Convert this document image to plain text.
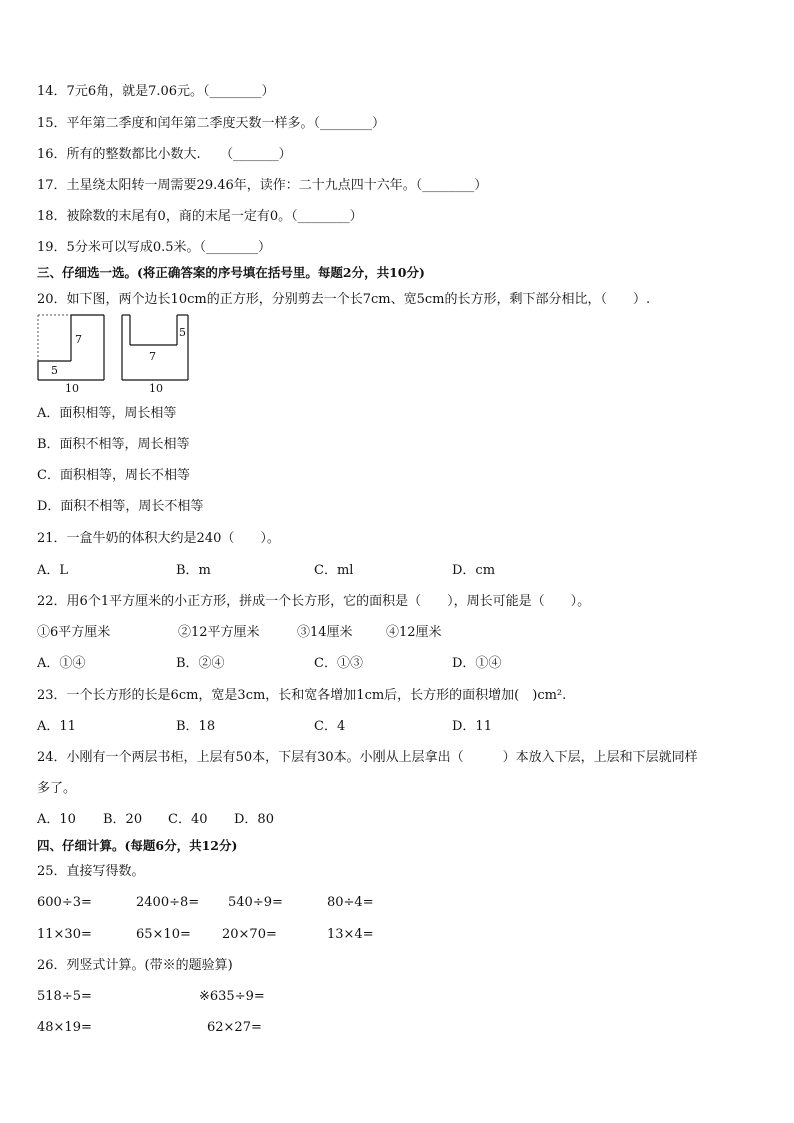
14．7元6角，就是7.06元。（________）
15．平年第二季度和闰年第二季度天数一样多。（________）
16．所有的整数都比小数大.　　（_______）
17．土星绕太阳转一周需要29.46年，读作：二十九点四十六年。（________）
18．被除数的末尾有0，商的末尾一定有0。（________）
19．5分米可以写成0.5米。（________）
三、仔细选一选。(将正确答案的序号填在括号里。每题2分，共10分)
20．如下图，两个边长10cm的正方形，分别剪去一个长7cm、宽5cm的长方形，剩下部分相比，（　　）.
7
5
10
5
7
10
A．面积相等，周长相等
B．面积不相等，周长相等
C．面积相等，周长不相等
D．面积不相等，周长不相等
21．一盒牛奶的体积大约是240（　　）。
A．L	B．m	C．ml	D．cm
22．用6个1平方厘米的小正方形，拼成一个长方形，它的面积是（　　），周长可能是（　　）。
①6平方厘米	②12平方厘米	③14厘米	④12厘米
A．①④	B．②④	C．①③	D．①④
23．一个长方形的长是6cm，宽是3cm，长和宽各增加1cm后，长方形的面积增加(　)cm².
A．11	B．18	C．4	D．11
24．小刚有一个两层书柜，上层有50本，下层有30本。小刚从上层拿出（　　　）本放入下层，上层和下层就同样
多了。
A．10 B．20 C．40 D．80
四、仔细计算。(每题6分，共12分)
25．直接写得数。
600÷3=	2400÷8= 540÷9=	80÷4=
11×30=	65×10= 20×70=	13×4=
26．列竖式计算。(带※的题验算)
518÷5=	※635÷9=
48×19=	62×27=
